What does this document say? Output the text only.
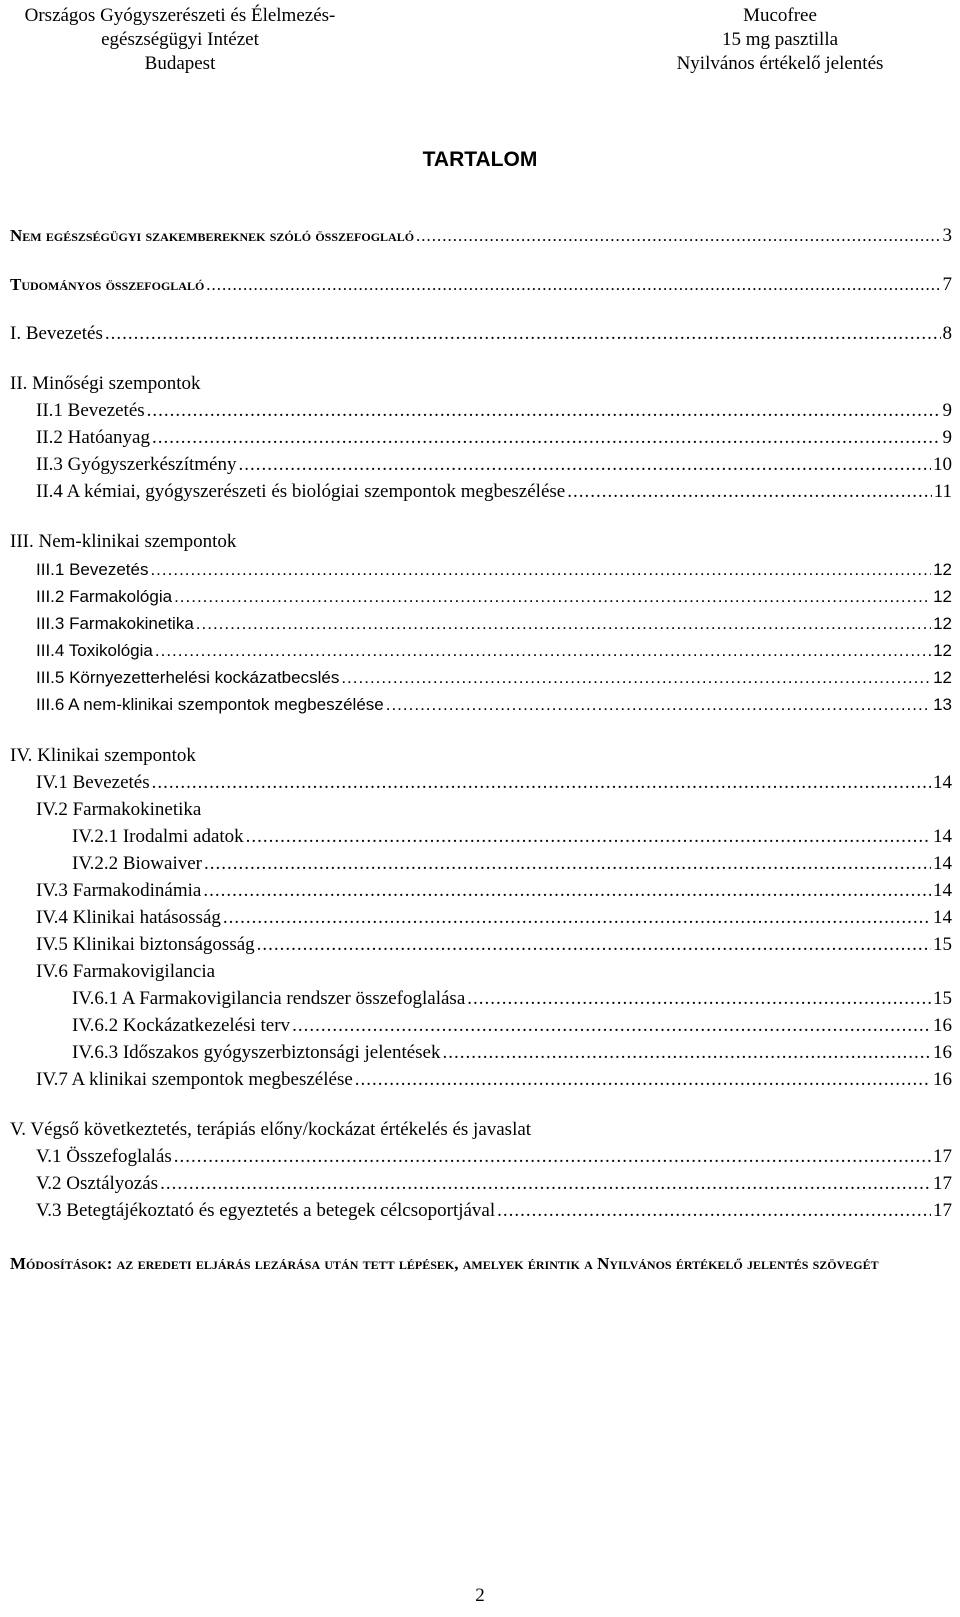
Országos Gyógyszerészeti és Élelmezés-
egészségügyi Intézet
Budapest
Mucofree
15 mg pasztilla
Nyilvános értékelő jelentés
TARTALOM
Nem egészségügyi szakembereknek szóló összefoglaló .....	3
Tudományos összefoglaló .....	7
I. Bevezetés .....	8
II. Minőségi szempontok
II.1 Bevezetés .....	9
II.2 Hatóanyag .....	9
II.3 Gyógyszerkészítmény .....	10
II.4 A kémiai, gyógyszerészeti és biológiai szempontok megbeszélése .....	11
III. Nem-klinikai szempontok
III.1 Bevezetés .....	12
III.2 Farmakológia .....	12
III.3 Farmakokinetika .....	12
III.4 Toxikológia .....	12
III.5 Környezetterhelési kockázatbecslés .....	12
III.6 A nem-klinikai szempontok megbeszélése .....	13
IV. Klinikai szempontok
IV.1 Bevezetés .....	14
IV.2 Farmakokinetika
IV.2.1 Irodalmi adatok .....	14
IV.2.2 Biowaiver .....	14
IV.3 Farmakodinámia .....	14
IV.4 Klinikai hatásosság .....	14
IV.5 Klinikai biztonságosság .....	15
IV.6 Farmakovigilancia
IV.6.1 A Farmakovigilancia rendszer összefoglalása .....	15
IV.6.2 Kockázatkezelési terv .....	16
IV.6.3 Időszakos gyógyszerbiztonsági jelentések .....	16
IV.7 A klinikai szempontok megbeszélése .....	16
V. Végső következtetés, terápiás előny/kockázat értékelés és javaslat
V.1 Összefoglalás .....	17
V.2 Osztályozás .....	17
V.3 Betegtájékoztató és egyeztetés a betegek célcsoportjával .....	17
Módosítások: az eredeti eljárás lezárása után tett lépések, amelyek érintik a Nyilvános értékelő jelentés szövegét
2
